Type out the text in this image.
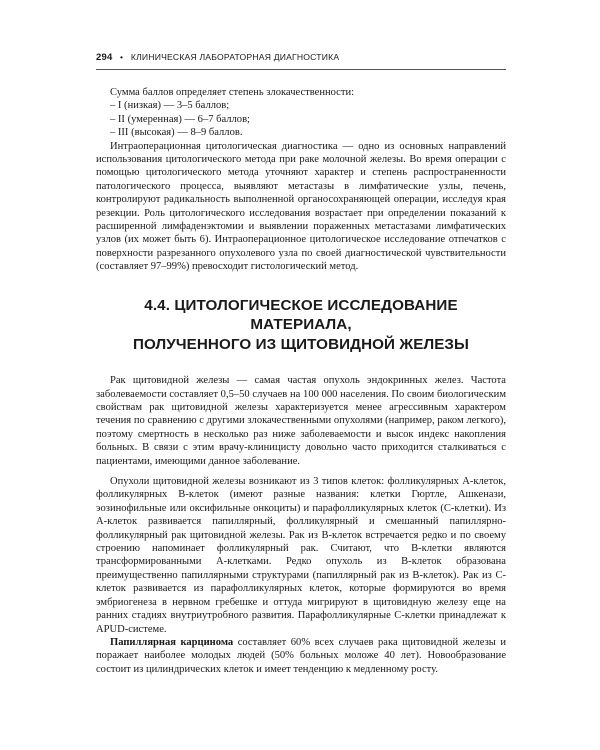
294 • КЛИНИЧЕСКАЯ ЛАБОРАТОРНАЯ ДИАГНОСТИКА

Сумма баллов определяет степень злокачественности:

– I (низкая) — 3–5 баллов;
– II (умеренная) — 6–7 баллов;
– III (высокая) — 8–9 баллов.

Интраоперационная цитологическая диагностика — одно из основных направлений использования цитологического метода при раке молочной железы. Во время операции с помощью цитологического метода уточняют характер и степень распространенности патологического процесса, выявляют метастазы в лимфатические узлы, печень, контролируют радикальность выполненной органосохраняющей операции, исследуя края резекции. Роль цитологического исследования возрастает при определении показаний к расширенной лимфаденэктомии и выявлении пораженных метастазами лимфатических узлов (их может быть 6). Интраоперационное цитологическое исследование отпечатков с поверхности разрезанного опухолевого узла по своей диагностической чувствительности (составляет 97–99%) превосходит гистологический метод.

4.4. ЦИТОЛОГИЧЕСКОЕ ИССЛЕДОВАНИЕ МАТЕРИАЛА,
ПОЛУЧЕННОГО ИЗ ЩИТОВИДНОЙ ЖЕЛЕЗЫ

Рак щитовидной железы — самая частая опухоль эндокринных желез. Частота заболеваемости составляет 0,5–50 случаев на 100 000 населения. По своим биологическим свойствам рак щитовидной железы характеризуется менее агрессивным характером течения по сравнению с другими злокачественными опухолями (например, раком легкого), поэтому смертность в несколько раз ниже заболеваемости и высок индекс накопления больных. В связи с этим врачу-клиницисту довольно часто приходится сталкиваться с пациентами, имеющими данное заболевание.

Опухоли щитовидной железы возникают из 3 типов клеток: фолликулярных А-клеток, фолликулярных В-клеток (имеют разные названия: клетки Гюртле, Ашкенази, эозинофильные или оксифильные онкоциты) и парафолликулярных клеток (С-клетки). Из А-клеток развивается папиллярный, фолликулярный и смешанный папиллярно-фолликулярный рак щитовидной железы. Рак из В-клеток встречается редко и по своему строению напоминает фолликулярный рак. Считают, что В-клетки являются трансформированными А-клетками. Редко опухоль из В-клеток образована преимущественно папиллярными структурами (папиллярный рак из В-клеток). Рак из С-клеток развивается из парафолликулярных клеток, которые формируются во время эмбриогенеза в нервном гребешке и оттуда мигрируют в щитовидную железу еще на ранних стадиях внутриутробного развития. Парафолликулярные С-клетки принадлежат к APUD-системе.

Папиллярная карцинома составляет 60% всех случаев рака щитовидной железы и поражает наиболее молодых людей (50% больных моложе 40 лет). Новообразование состоит из цилиндрических клеток и имеет тенденцию к медленному росту.
